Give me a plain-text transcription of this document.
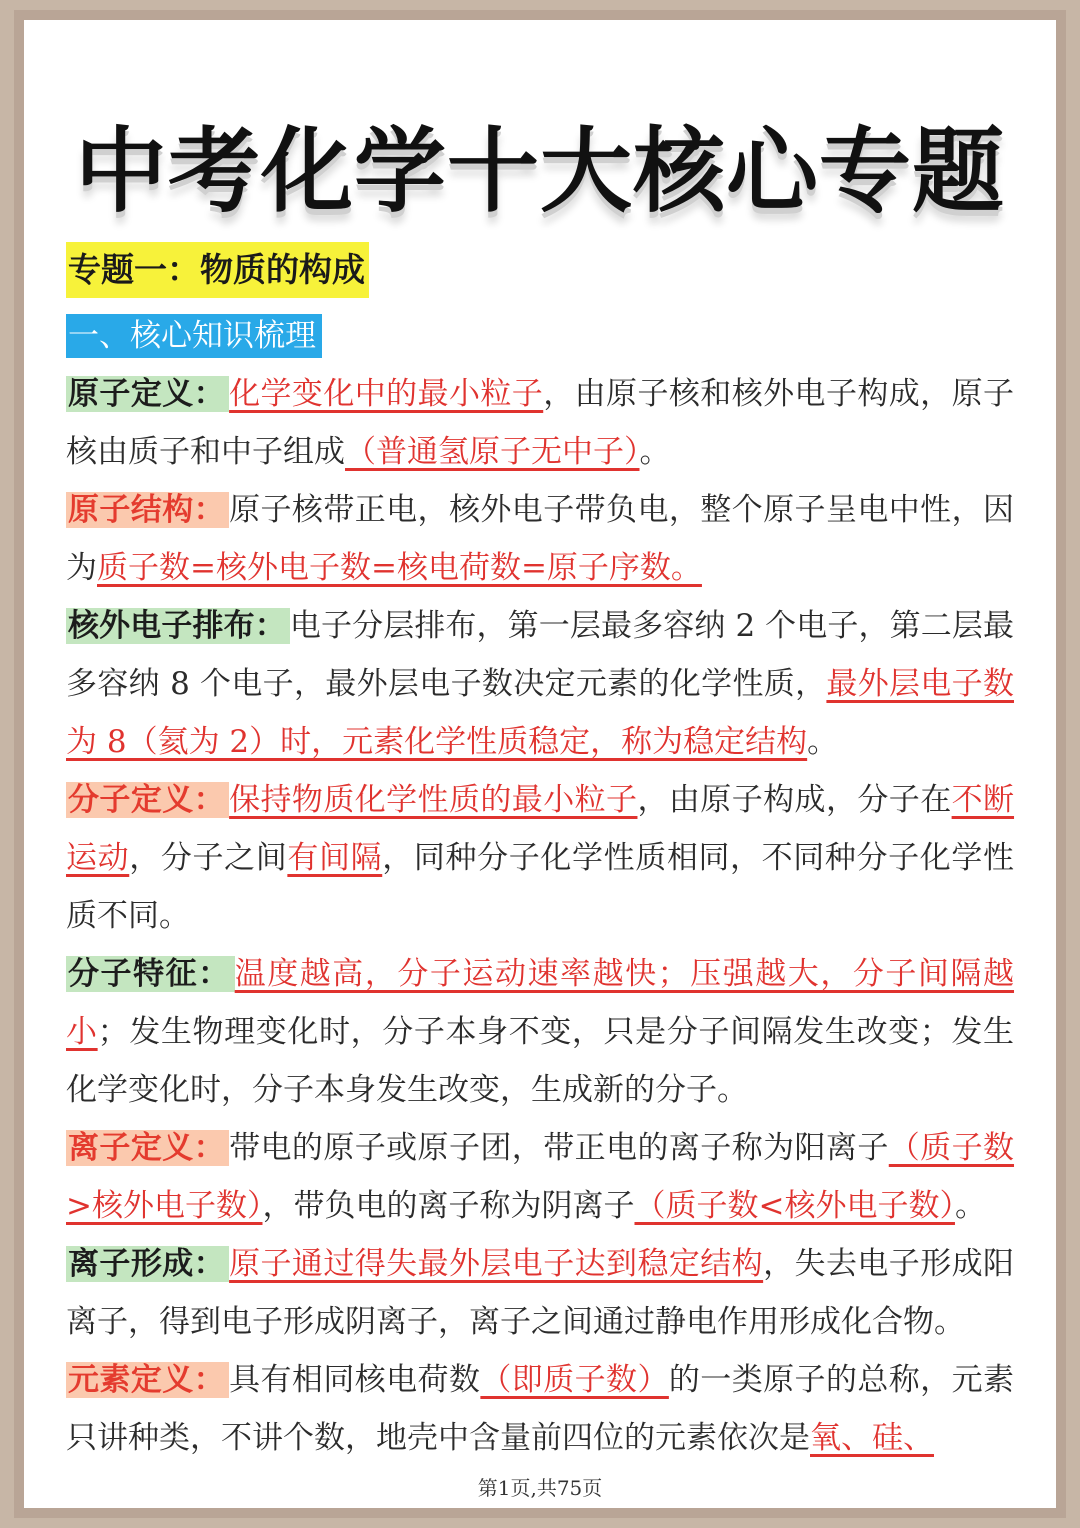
中考化学十大核心专题
专题一：物质的构成
一、核心知识梳理

原子定义： 化学变化中的最小粒子，由原子核和核外电子构成，原子核由质子和中子组成（普通氢原子无中子）。

原子结构： 原子核带正电，核外电子带负电，整个原子呈电中性，因为质子数=核外电子数=核电荷数=原子序数。

核外电子排布： 电子分层排布，第一层最多容纳 2 个电子，第二层最多容纳 8 个电子，最外层电子数决定元素的化学性质，最外层电子数为 8（氦为 2）时，元素化学性质稳定，称为稳定结构。

分子定义： 保持物质化学性质的最小粒子，由原子构成，分子在不断运动，分子之间有间隔，同种分子化学性质相同，不同种分子化学性质不同。

分子特征： 温度越高，分子运动速率越快；压强越大，分子间隔越小；发生物理变化时，分子本身不变，只是分子间隔发生改变；发生化学变化时，分子本身发生改变，生成新的分子。

离子定义： 带电的原子或原子团，带正电的离子称为阳离子（质子数>核外电子数），带负电的离子称为阴离子（质子数<核外电子数）。

离子形成： 原子通过得失最外层电子达到稳定结构，失去电子形成阳离子，得到电子形成阴离子，离子之间通过静电作用形成化合物。

元素定义： 具有相同核电荷数（即质子数）的一类原子的总称，元素只讲种类，不讲个数，地壳中含量前四位的元素依次是氧、硅、

第1页,共75页
